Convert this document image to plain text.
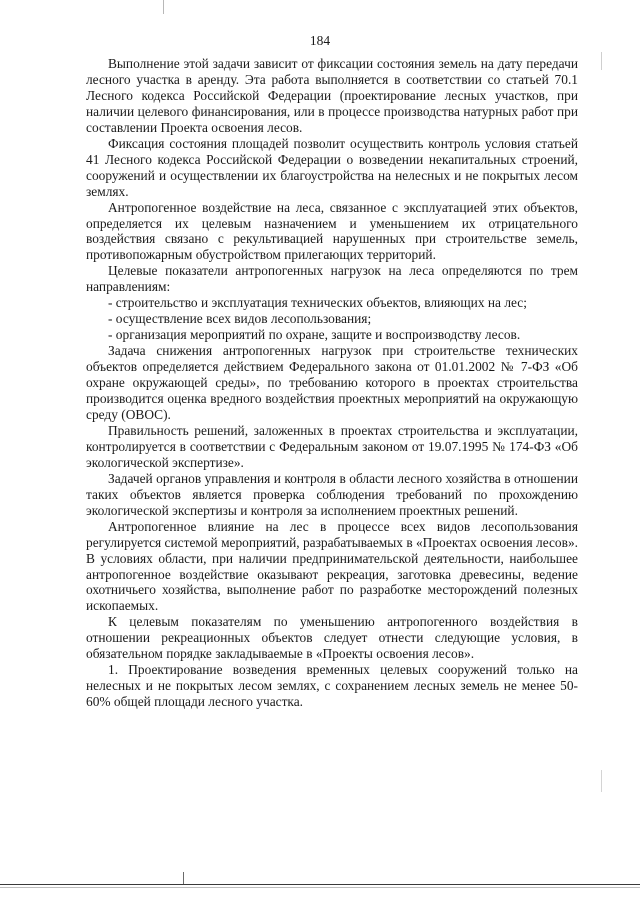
184

Выполнение этой задачи зависит от фиксации состояния земель на дату передачи лесного участка в аренду. Эта работа выполняется в соответствии со статьей 70.1 Лесного кодекса Российской Федерации (проектирование лесных участков, при наличии целевого финансирования, или в процессе производства натурных работ при составлении Проекта освоения лесов.

Фиксация состояния площадей позволит осуществить контроль условия статьей 41 Лесного кодекса Российской Федерации о возведении некапитальных строений, сооружений и осуществлении их благоустройства на нелесных и не покрытых лесом землях.

Антропогенное воздействие на леса, связанное с эксплуатацией этих объектов, определяется их целевым назначением и уменьшением их отрицательного воздействия связано с рекультивацией нарушенных при строительстве земель, противопожарным обустройством прилегающих территорий.

Целевые показатели антропогенных нагрузок на леса определяются по трем направлениям:

- строительство и эксплуатация технических объектов, влияющих на лес;

- осуществление всех видов лесопользования;

- организация мероприятий по охране, защите и воспроизводству лесов.

Задача снижения антропогенных нагрузок при строительстве технических объектов определяется действием Федерального закона от 01.01.2002 № 7-ФЗ «Об охране окружающей среды», по требованию которого в проектах строительства производится оценка вредного воздействия проектных мероприятий на окружающую среду (ОВОС).

Правильность решений, заложенных в проектах строительства и эксплуатации, контролируется в соответствии с Федеральным законом от 19.07.1995 № 174-ФЗ «Об экологической экспертизе».

Задачей органов управления и контроля в области лесного хозяйства в отношении таких объектов является проверка соблюдения требований по прохождению экологической экспертизы и контроля за исполнением проектных решений.

Антропогенное влияние на лес в процессе всех видов лесопользования регулируется системой мероприятий, разрабатываемых в «Проектах освоения лесов». В условиях области, при наличии предпринимательской деятельности, наибольшее антропогенное воздействие оказывают рекреация, заготовка древесины, ведение охотничьего хозяйства, выполнение работ по разработке месторождений полезных ископаемых.

К целевым показателям по уменьшению антропогенного воздействия в отношении рекреационных объектов следует отнести следующие условия, в обязательном порядке закладываемые в «Проекты освоения лесов».

1. Проектирование возведения временных целевых сооружений только на нелесных и не покрытых лесом землях, с сохранением лесных земель не менее 50-60% общей площади лесного участка.
